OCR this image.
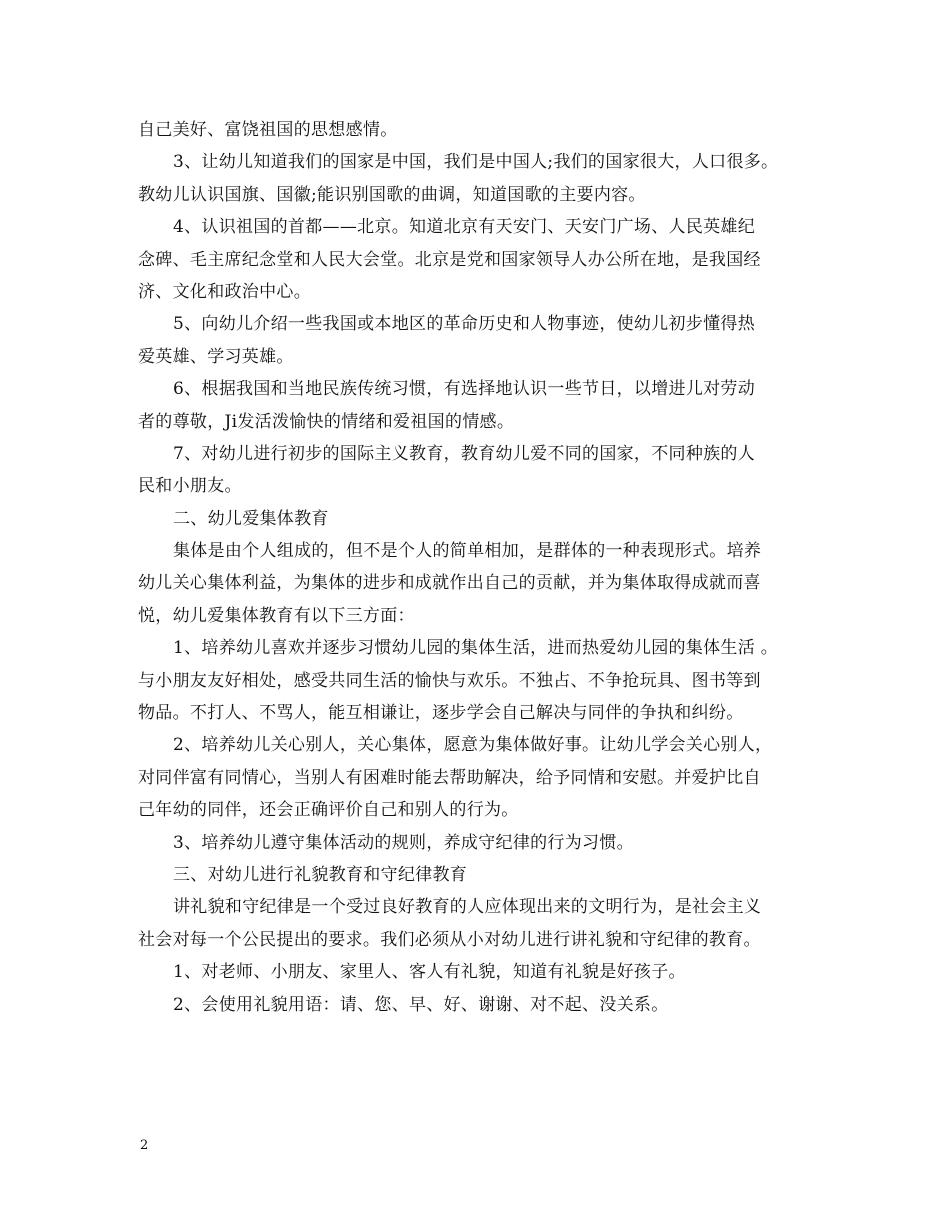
自己美好、富饶祖国的思想感情。
3、让幼儿知道我们的国家是中国，我们是中国人;我们的国家很大，人口很多。
教幼儿认识国旗、国徽;能识别国歌的曲调，知道国歌的主要内容。
4、认识祖国的首都——北京。知道北京有天安门、天安门广场、人民英雄纪
念碑、毛主席纪念堂和人民大会堂。北京是党和国家领导人办公所在地，是我国经
济、文化和政治中心。
5、向幼儿介绍一些我国或本地区的革命历史和人物事迹，使幼儿初步懂得热
爱英雄、学习英雄。
6、根据我国和当地民族传统习惯，有选择地认识一些节日，以增进儿对劳动
者的尊敬，Ji发活泼愉快的情绪和爱祖国的情感。
7、对幼儿进行初步的国际主义教育，教育幼儿爱不同的国家，不同种族的人
民和小朋友。
二、幼儿爱集体教育
集体是由个人组成的，但不是个人的简单相加，是群体的一种表现形式。培养
幼儿关心集体利益，为集体的进步和成就作出自己的贡献，并为集体取得成就而喜
悦，幼儿爱集体教育有以下三方面：
1、培养幼儿喜欢并逐步习惯幼儿园的集体生活，进而热爱幼儿园的集体生活 。
与小朋友友好相处，感受共同生活的愉快与欢乐。不独占、不争抢玩具、图书等到
物品。不打人、不骂人，能互相谦让，逐步学会自己解决与同伴的争执和纠纷。
2、培养幼儿关心别人，关心集体，愿意为集体做好事。让幼儿学会关心别人，
对同伴富有同情心，当别人有困难时能去帮助解决，给予同情和安慰。并爱护比自
己年幼的同伴，还会正确评价自己和别人的行为。
3、培养幼儿遵守集体活动的规则，养成守纪律的行为习惯。
三、对幼儿进行礼貌教育和守纪律教育
讲礼貌和守纪律是一个受过良好教育的人应体现出来的文明行为，是社会主义
社会对每一个公民提出的要求。我们必须从小对幼儿进行讲礼貌和守纪律的教育。
1、对老师、小朋友、家里人、客人有礼貌，知道有礼貌是好孩子。
2、会使用礼貌用语：请、您、早、好、谢谢、对不起、没关系。
2
